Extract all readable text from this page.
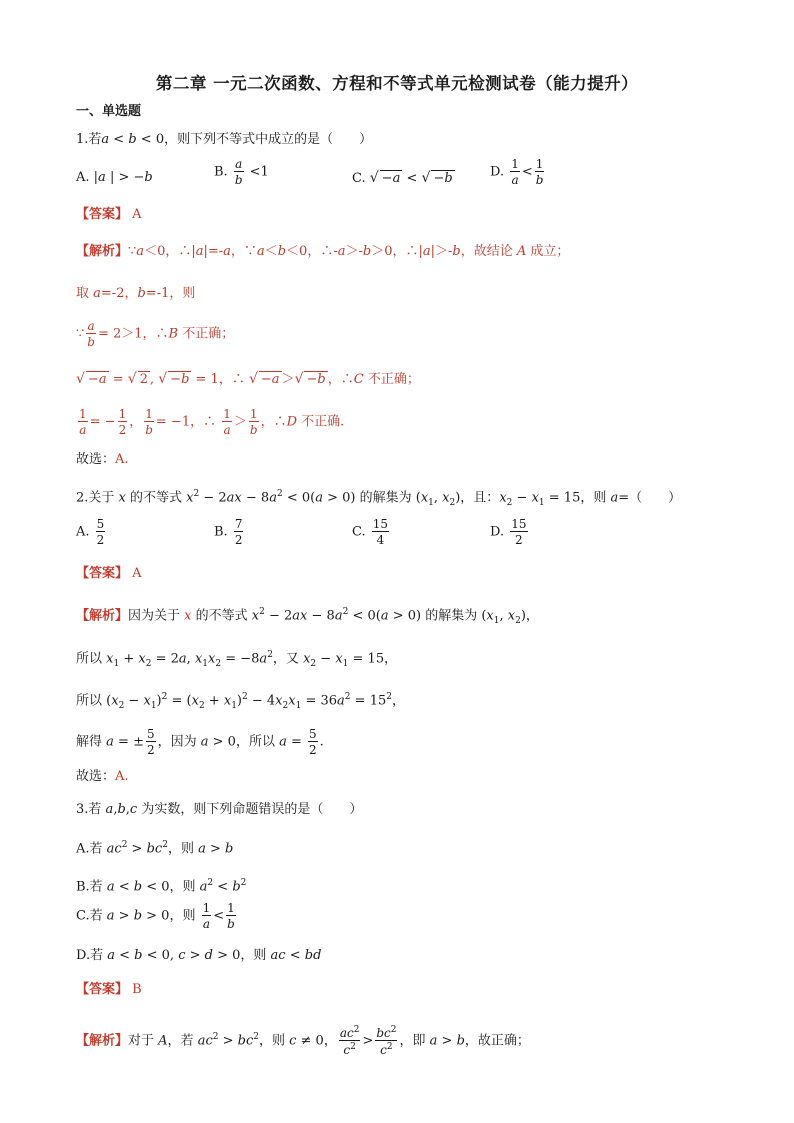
第二章 一元二次函数、方程和不等式单元检测试卷（能力提升）
一、单选题
1.若a < b < 0，则下列不等式中成立的是（　　）
A. |a | > −b	B. $\frac{a}{b} <1$	C. √ −a < √ −b	D. $\frac{1}{a} < \frac{1}{b}$
【答案】 A
【解析】∵a＜0，∴|a|=-a，∵a＜b＜0，∴-a＞-b＞0，∴|a|＞-b，故结论 A 成立；
取 a=-2，b=-1，则
∵ $\frac{a}{b} = 2>1$，∴B 不正确；
√ −a = √ 2 , √ −b = 1，∴ √ −a ＞√ −b ，∴C 不正确；
$\frac{1}{a}$ = − $\frac{1}{2}$ ， $\frac{1}{b} = -1$，∴ $\frac{1}{a} > \frac{1}{b}$ ，∴D 不正确.
故选：A.
2.关于 x 的不等式 $x^2 - 2ax - 8a^2 < 0(a > 0)$ 的解集为 ($x_1$, $x_2$)，且：$x_2 - x_1 = 15$，则 a=（　　）
A. $\frac{5}{2}$	B. $\frac{7}{2}$	C. $\frac{15}{4}$	D. $\frac{15}{2}$
【答案】 A
【解析】因为关于 x 的不等式 $x^2 - 2ax - 8a^2 < 0(a > 0)$ 的解集为 ($x_1$, $x_2$)，
所以 $x_1 + x_2 = 2a$, $x_1x_2 = -8a^2$，又 $x_2 - x_1 = 15$，
所以 $(x_2 - x_1)^2 = (x_2 + x_1)^2 - 4x_2x_1 = 36a^2 = 15^2$，
解得 a = ± $\frac{5}{2}$ ，因为 a > 0，所以 $a = \frac{5}{2}$ .
故选：A.
3.若 a,b,c 为实数，则下列命题错误的是（　　）
A.若 $ac^2 > bc^2$，则 a > b
B.若 a < b < 0，则 $a^2 < b^2$
C.若 a > b > 0，则 $\frac{1}{a} < \frac{1}{b}$
D.若 a < b < 0, c > d > 0，则 ac < bd
【答案】 B
【解析】对于 A，若 $ac^2 > bc^2$，则 c ≠ 0， $\frac{ac^2}{c^2} > \frac{bc^2}{c^2}$ ，即 a > b，故正确；
